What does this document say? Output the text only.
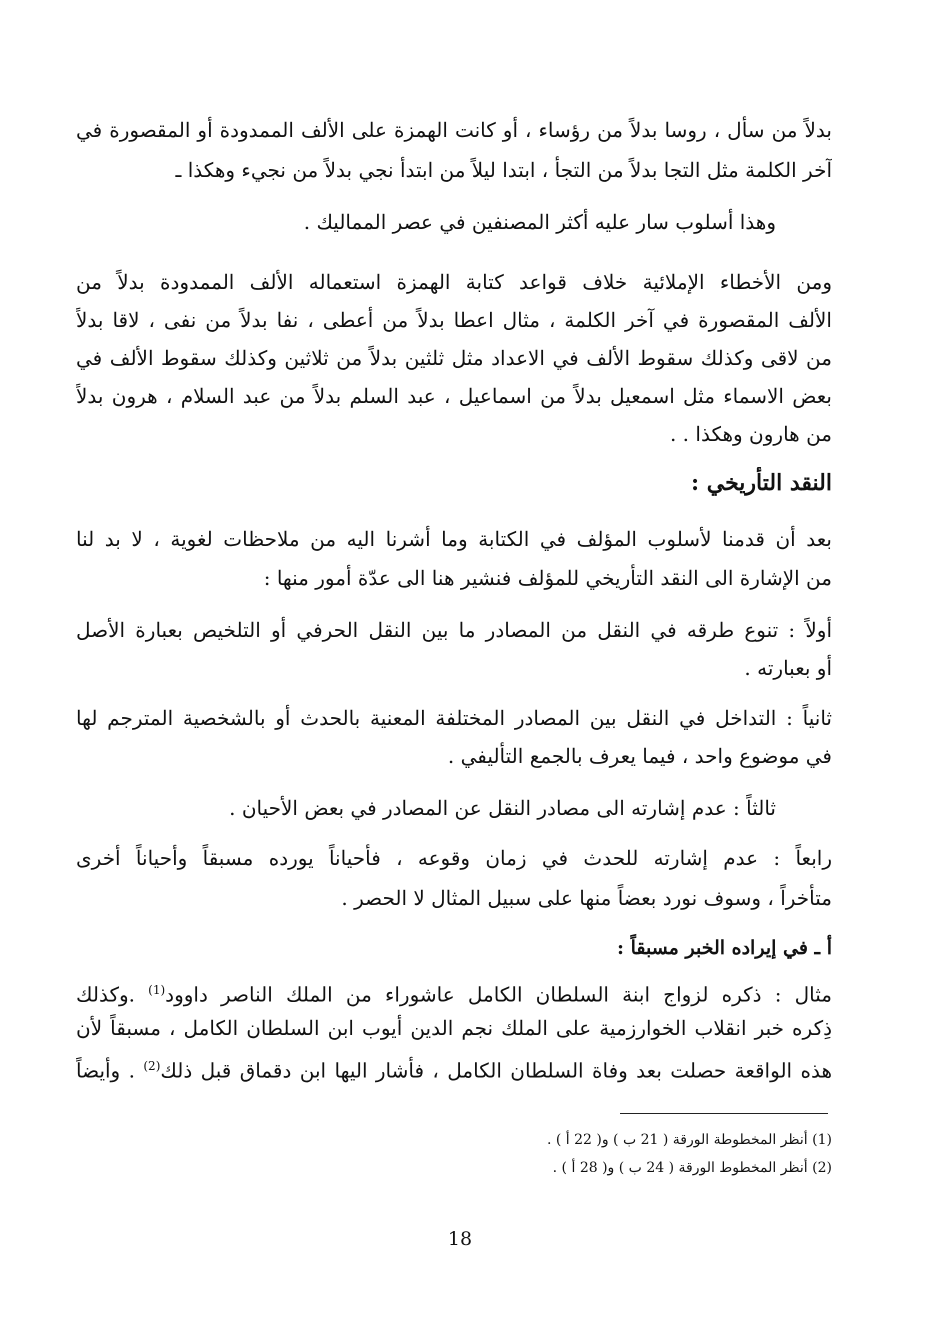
بدلاً من سأل ، روسا بدلاً من رؤساء ، أو كانت الهمزة على الألف الممدودة أو المقصورة في
آخر الكلمة مثل التجا بدلاً من التجأ ، ابتدا ليلاً من ابتدأ نجي بدلاً من نجيء وهكذا ـ
وهذا أسلوب سار عليه أكثر المصنفين في عصر المماليك .
ومن الأخطاء الإملائية خلاف قواعد كتابة الهمزة استعماله الألف الممدودة بدلاً من
الألف المقصورة في آخر الكلمة ، مثال اعطا بدلاً من أعطى ، نفا بدلاً من نفى ، لاقا بدلاً
من لاقى وكذلك سقوط الألف في الاعداد مثل ثلثين بدلاً من ثلاثين وكذلك سقوط الألف في
بعض الاسماء مثل اسمعيل بدلاً من اسماعيل ، عبد السلم بدلاً من عبد السلام ، هرون بدلاً
من هارون وهكذا . .
النقد التأريخي :
بعد أن قدمنا لأسلوب المؤلف في الكتابة وما أشرنا اليه من ملاحظات لغوية ، لا بد لنا
من الإشارة الى النقد التأريخي للمؤلف فنشير هنا الى عدّة أمور منها :
أولاً : تنوع طرقه في النقل من المصادر ما بين النقل الحرفي أو التلخيص بعبارة الأصل
أو بعبارته .
ثانياً : التداخل في النقل بين المصادر المختلفة المعنية بالحدث أو بالشخصية المترجم لها
في موضوع واحد ، فيما يعرف بالجمع التأليفي .
ثالثاً : عدم إشارته الى مصادر النقل عن المصادر في بعض الأحيان .
رابعاً : عدم إشارته للحدث في زمان وقوعه ، فأحياناً يورده مسبقاً وأحياناً أخرى
متأخراً ، وسوف نورد بعضاً منها على سبيل المثال لا الحصر .
أ ـ في إيراده الخبر مسبقاً :
مثال : ذكره لزواج ابنة السلطان الكامل عاشوراء من الملك الناصر داوود$^{(1)}$ .وكذلك
ذِكره خبر انقلاب الخوارزمية على الملك نجم الدين أيوب ابن السلطان الكامل ، مسبقاً لأن
هذه الواقعة حصلت بعد وفاة السلطان الكامل ، فأشار اليها ابن دقماق قبل ذلك$^{(2)}$ . وأيضاً
(1) أنظر المخطوطة الورقة ( 21 ب ) و( 22 أ ) .
(2) أنظر المخطوط الورقة ( 24 ب ) و( 28 أ ) .
18
